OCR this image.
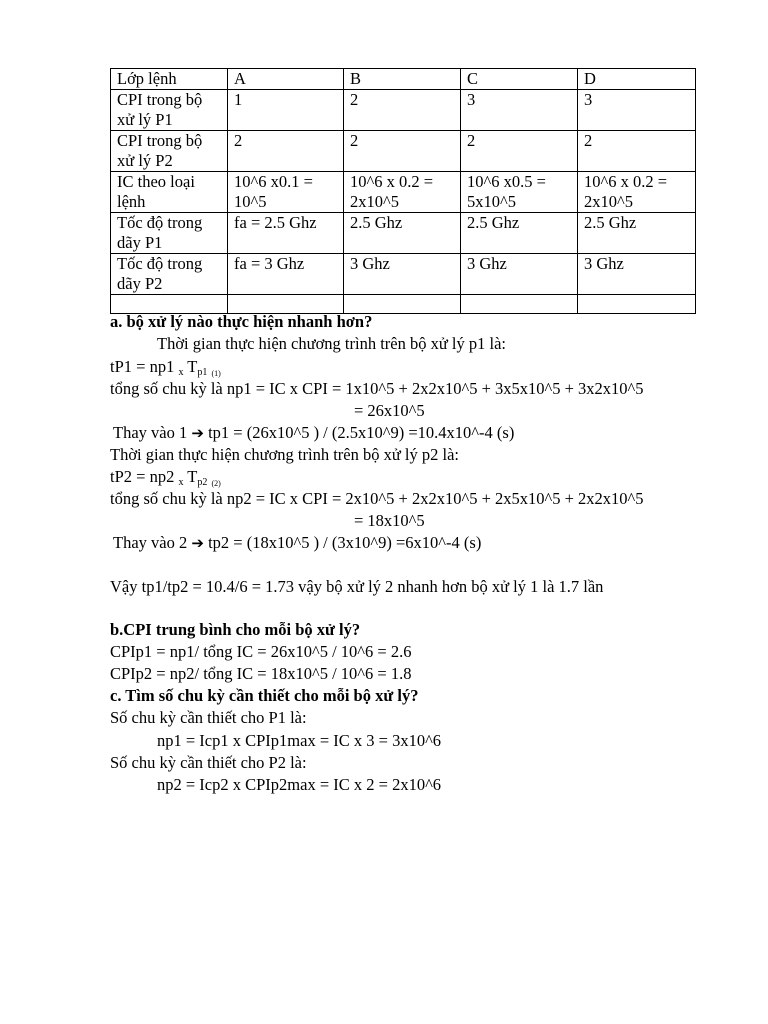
Lớp lệnh	A	B	C	D
CPI trong bộ xử lý P1	1	2	3	3
CPI trong bộ xử lý P2	2	2	2	2
IC theo loại lệnh	10^6 x0.1 = 10^5	10^6 x 0.2 = 2x10^5	10^6 x0.5 = 5x10^5	10^6 x 0.2 = 2x10^5
Tốc độ trong dãy P1	fa = 2.5 Ghz	2.5 Ghz	2.5 Ghz	2.5 Ghz
Tốc độ trong dãy P2	fa = 3 Ghz	3 Ghz	3 Ghz	3 Ghz

a. bộ xử lý nào thực hiện nhanh hơn?
Thời gian thực hiện chương trình trên bộ xử lý p1 là:
tP1 = np1 $_x$ $T_{p1}$ $_{(1)}$
tổng số chu kỳ là np1 = IC x CPI = 1x10^5 + 2x2x10^5 + 3x5x10^5 + 3x2x10^5
= 26x10^5
Thay vào 1 ➔ tp1 = (26x10^5 ) / (2.5x10^9) =10.4x10^-4 (s)
Thời gian thực hiện chương trình trên bộ xử lý p2 là:
tP2 = np2 $_x$ $T_{p2}$ $_{(2)}$
tổng số chu kỳ là np2 = IC x CPI = 2x10^5 + 2x2x10^5 + 2x5x10^5 + 2x2x10^5
= 18x10^5
Thay vào 2 ➔ tp2 = (18x10^5 ) / (3x10^9) =6x10^-4 (s)
Vậy tp1/tp2 = 10.4/6 = 1.73 vậy bộ xử lý 2 nhanh hơn bộ xử lý 1 là 1.7 lần
b.CPI trung bình cho mỗi bộ xử lý?
CPIp1 = np1/ tổng IC = 26x10^5 / 10^6 = 2.6
CPIp2 = np2/ tổng IC = 18x10^5 / 10^6 = 1.8
c. Tìm số chu kỳ cần thiết cho mỗi bộ xử lý?
Số chu kỳ cần thiết cho P1 là:
np1 = Icp1 x CPIp1max = IC x 3 = 3x10^6
Số chu kỳ cần thiết cho P2 là:
np2 = Icp2 x CPIp2max = IC x 2 = 2x10^6
